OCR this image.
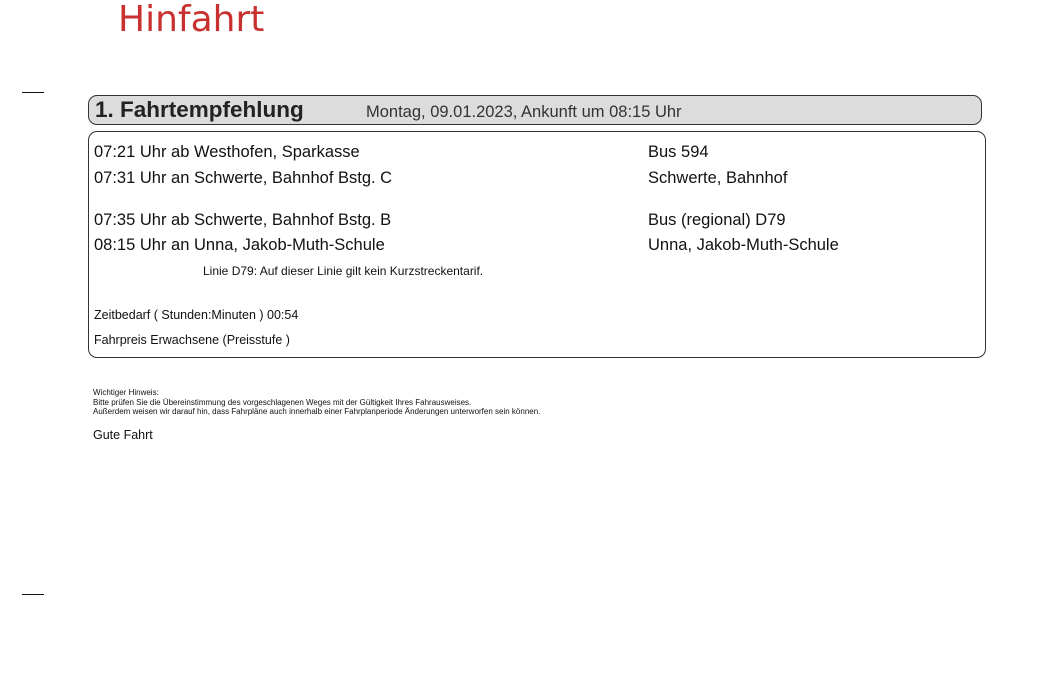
Hinfahrt
1. Fahrtempfehlung	Montag, 09.01.2023, Ankunft um 08:15 Uhr
07:21 Uhr ab Westhofen, Sparkasse	Bus 594
07:31 Uhr an Schwerte, Bahnhof Bstg. C	Schwerte, Bahnhof
07:35 Uhr ab Schwerte, Bahnhof Bstg. B	Bus (regional) D79
08:15 Uhr an Unna, Jakob-Muth-Schule	Unna, Jakob-Muth-Schule
Linie D79: Auf dieser Linie gilt kein Kurzstreckentarif.
Zeitbedarf ( Stunden:Minuten ) 00:54
Fahrpreis Erwachsene (Preisstufe )
Wichtiger Hinweis:
Bitte prüfen Sie die Übereinstimmung des vorgeschlagenen Weges mit der Gültigkeit Ihres Fahrausweises.
Außerdem weisen wir darauf hin, dass Fahrpläne auch innerhalb einer Fahrplanperiode Änderungen unterworfen sein können.
Gute Fahrt
